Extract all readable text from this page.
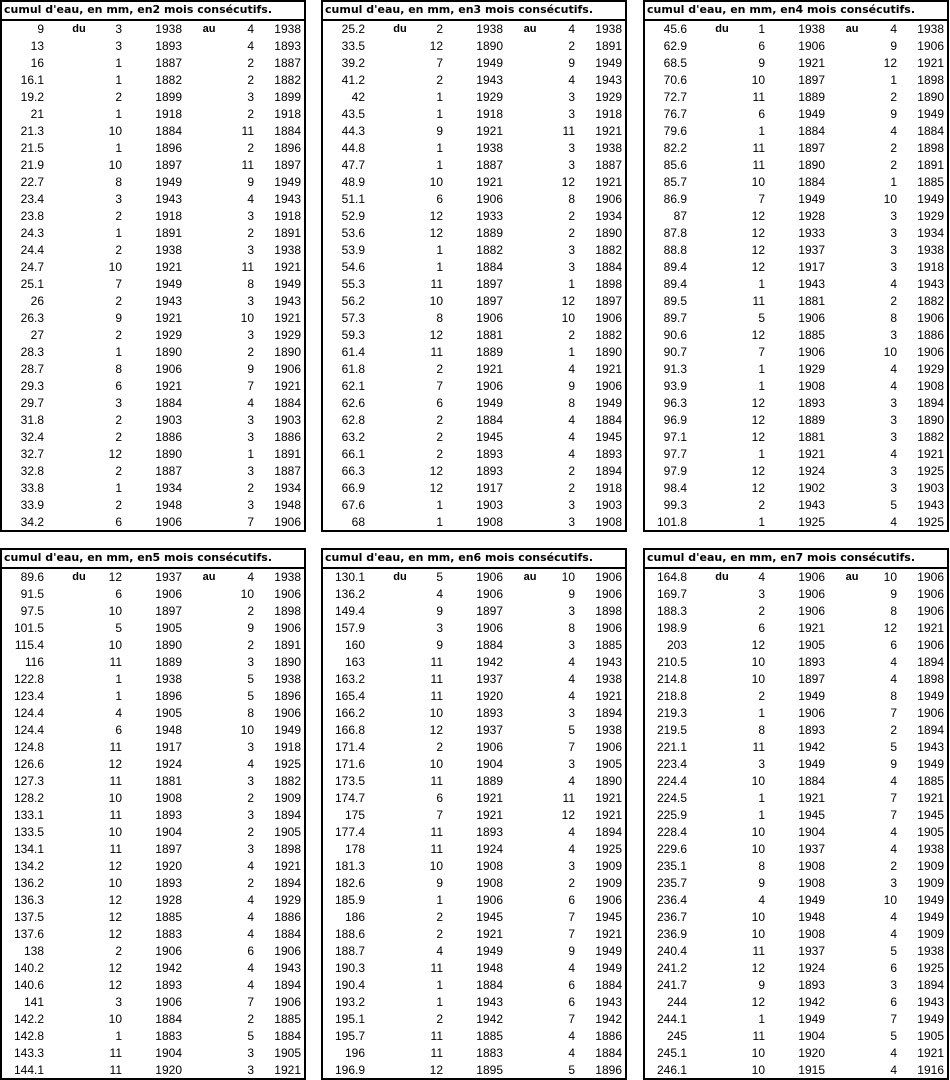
cumul d'eau, en mm, en2 mois consécutifs.
9	du	3	1938	au	4	1938
13	3	1893	4	1893
16	1	1887	2	1887
16.1	1	1882	2	1882
19.2	2	1899	3	1899
21	1	1918	2	1918
21.3	10	1884	11	1884
21.5	1	1896	2	1896
21.9	10	1897	11	1897
22.7	8	1949	9	1949
23.4	3	1943	4	1943
23.8	2	1918	3	1918
24.3	1	1891	2	1891
24.4	2	1938	3	1938
24.7	10	1921	11	1921
25.1	7	1949	8	1949
26	2	1943	3	1943
26.3	9	1921	10	1921
27	2	1929	3	1929
28.3	1	1890	2	1890
28.7	8	1906	9	1906
29.3	6	1921	7	1921
29.7	3	1884	4	1884
31.8	2	1903	3	1903
32.4	2	1886	3	1886
32.7	12	1890	1	1891
32.8	2	1887	3	1887
33.8	1	1934	2	1934
33.9	2	1948	3	1948
34.2	6	1906	7	1906
cumul d'eau, en mm, en3 mois consécutifs.
25.2	du	2	1938	au	4	1938
33.5	12	1890	2	1891
39.2	7	1949	9	1949
41.2	2	1943	4	1943
42	1	1929	3	1929
43.5	1	1918	3	1918
44.3	9	1921	11	1921
44.8	1	1938	3	1938
47.7	1	1887	3	1887
48.9	10	1921	12	1921
51.1	6	1906	8	1906
52.9	12	1933	2	1934
53.6	12	1889	2	1890
53.9	1	1882	3	1882
54.6	1	1884	3	1884
55.3	11	1897	1	1898
56.2	10	1897	12	1897
57.3	8	1906	10	1906
59.3	12	1881	2	1882
61.4	11	1889	1	1890
61.8	2	1921	4	1921
62.1	7	1906	9	1906
62.6	6	1949	8	1949
62.8	2	1884	4	1884
63.2	2	1945	4	1945
66.1	2	1893	4	1893
66.3	12	1893	2	1894
66.9	12	1917	2	1918
67.6	1	1903	3	1903
68	1	1908	3	1908
cumul d'eau, en mm, en4 mois consécutifs.
45.6	du	1	1938	au	4	1938
62.9	6	1906	9	1906
68.5	9	1921	12	1921
70.6	10	1897	1	1898
72.7	11	1889	2	1890
76.7	6	1949	9	1949
79.6	1	1884	4	1884
82.2	11	1897	2	1898
85.6	11	1890	2	1891
85.7	10	1884	1	1885
86.9	7	1949	10	1949
87	12	1928	3	1929
87.8	12	1933	3	1934
88.8	12	1937	3	1938
89.4	12	1917	3	1918
89.4	1	1943	4	1943
89.5	11	1881	2	1882
89.7	5	1906	8	1906
90.6	12	1885	3	1886
90.7	7	1906	10	1906
91.3	1	1929	4	1929
93.9	1	1908	4	1908
96.3	12	1893	3	1894
96.9	12	1889	3	1890
97.1	12	1881	3	1882
97.7	1	1921	4	1921
97.9	12	1924	3	1925
98.4	12	1902	3	1903
99.3	2	1943	5	1943
101.8	1	1925	4	1925
cumul d'eau, en mm, en5 mois consécutifs.
89.6	du	12	1937	au	4	1938
91.5	6	1906	10	1906
97.5	10	1897	2	1898
101.5	5	1905	9	1906
115.4	10	1890	2	1891
116	11	1889	3	1890
122.8	1	1938	5	1938
123.4	1	1896	5	1896
124.4	4	1905	8	1906
124.4	6	1948	10	1949
124.8	11	1917	3	1918
126.6	12	1924	4	1925
127.3	11	1881	3	1882
128.2	10	1908	2	1909
133.1	11	1893	3	1894
133.5	10	1904	2	1905
134.1	11	1897	3	1898
134.2	12	1920	4	1921
136.2	10	1893	2	1894
136.3	12	1928	4	1929
137.5	12	1885	4	1886
137.6	12	1883	4	1884
138	2	1906	6	1906
140.2	12	1942	4	1943
140.6	12	1893	4	1894
141	3	1906	7	1906
142.2	10	1884	2	1885
142.8	1	1883	5	1884
143.3	11	1904	3	1905
144.1	11	1920	3	1921
cumul d'eau, en mm, en6 mois consécutifs.
130.1	du	5	1906	au	10	1906
136.2	4	1906	9	1906
149.4	9	1897	3	1898
157.9	3	1906	8	1906
160	9	1884	3	1885
163	11	1942	4	1943
163.2	11	1937	4	1938
165.4	11	1920	4	1921
166.2	10	1893	3	1894
166.8	12	1937	5	1938
171.4	2	1906	7	1906
171.6	10	1904	3	1905
173.5	11	1889	4	1890
174.7	6	1921	11	1921
175	7	1921	12	1921
177.4	11	1893	4	1894
178	11	1924	4	1925
181.3	10	1908	3	1909
182.6	9	1908	2	1909
185.9	1	1906	6	1906
186	2	1945	7	1945
188.6	2	1921	7	1921
188.7	4	1949	9	1949
190.3	11	1948	4	1949
190.4	1	1884	6	1884
193.2	1	1943	6	1943
195.1	2	1942	7	1942
195.7	11	1885	4	1886
196	11	1883	4	1884
196.9	12	1895	5	1896
cumul d'eau, en mm, en7 mois consécutifs.
164.8	du	4	1906	au	10	1906
169.7	3	1906	9	1906
188.3	2	1906	8	1906
198.9	6	1921	12	1921
203	12	1905	6	1906
210.5	10	1893	4	1894
214.8	10	1897	4	1898
218.8	2	1949	8	1949
219.3	1	1906	7	1906
219.5	8	1893	2	1894
221.1	11	1942	5	1943
223.4	3	1949	9	1949
224.4	10	1884	4	1885
224.5	1	1921	7	1921
225.9	1	1945	7	1945
228.4	10	1904	4	1905
229.6	10	1937	4	1938
235.1	8	1908	2	1909
235.7	9	1908	3	1909
236.4	4	1949	10	1949
236.7	10	1948	4	1949
236.9	10	1908	4	1909
240.4	11	1937	5	1938
241.2	12	1924	6	1925
241.7	9	1893	3	1894
244	12	1942	6	1943
244.1	1	1949	7	1949
245	11	1904	5	1905
245.1	10	1920	4	1921
246.1	10	1915	4	1916
